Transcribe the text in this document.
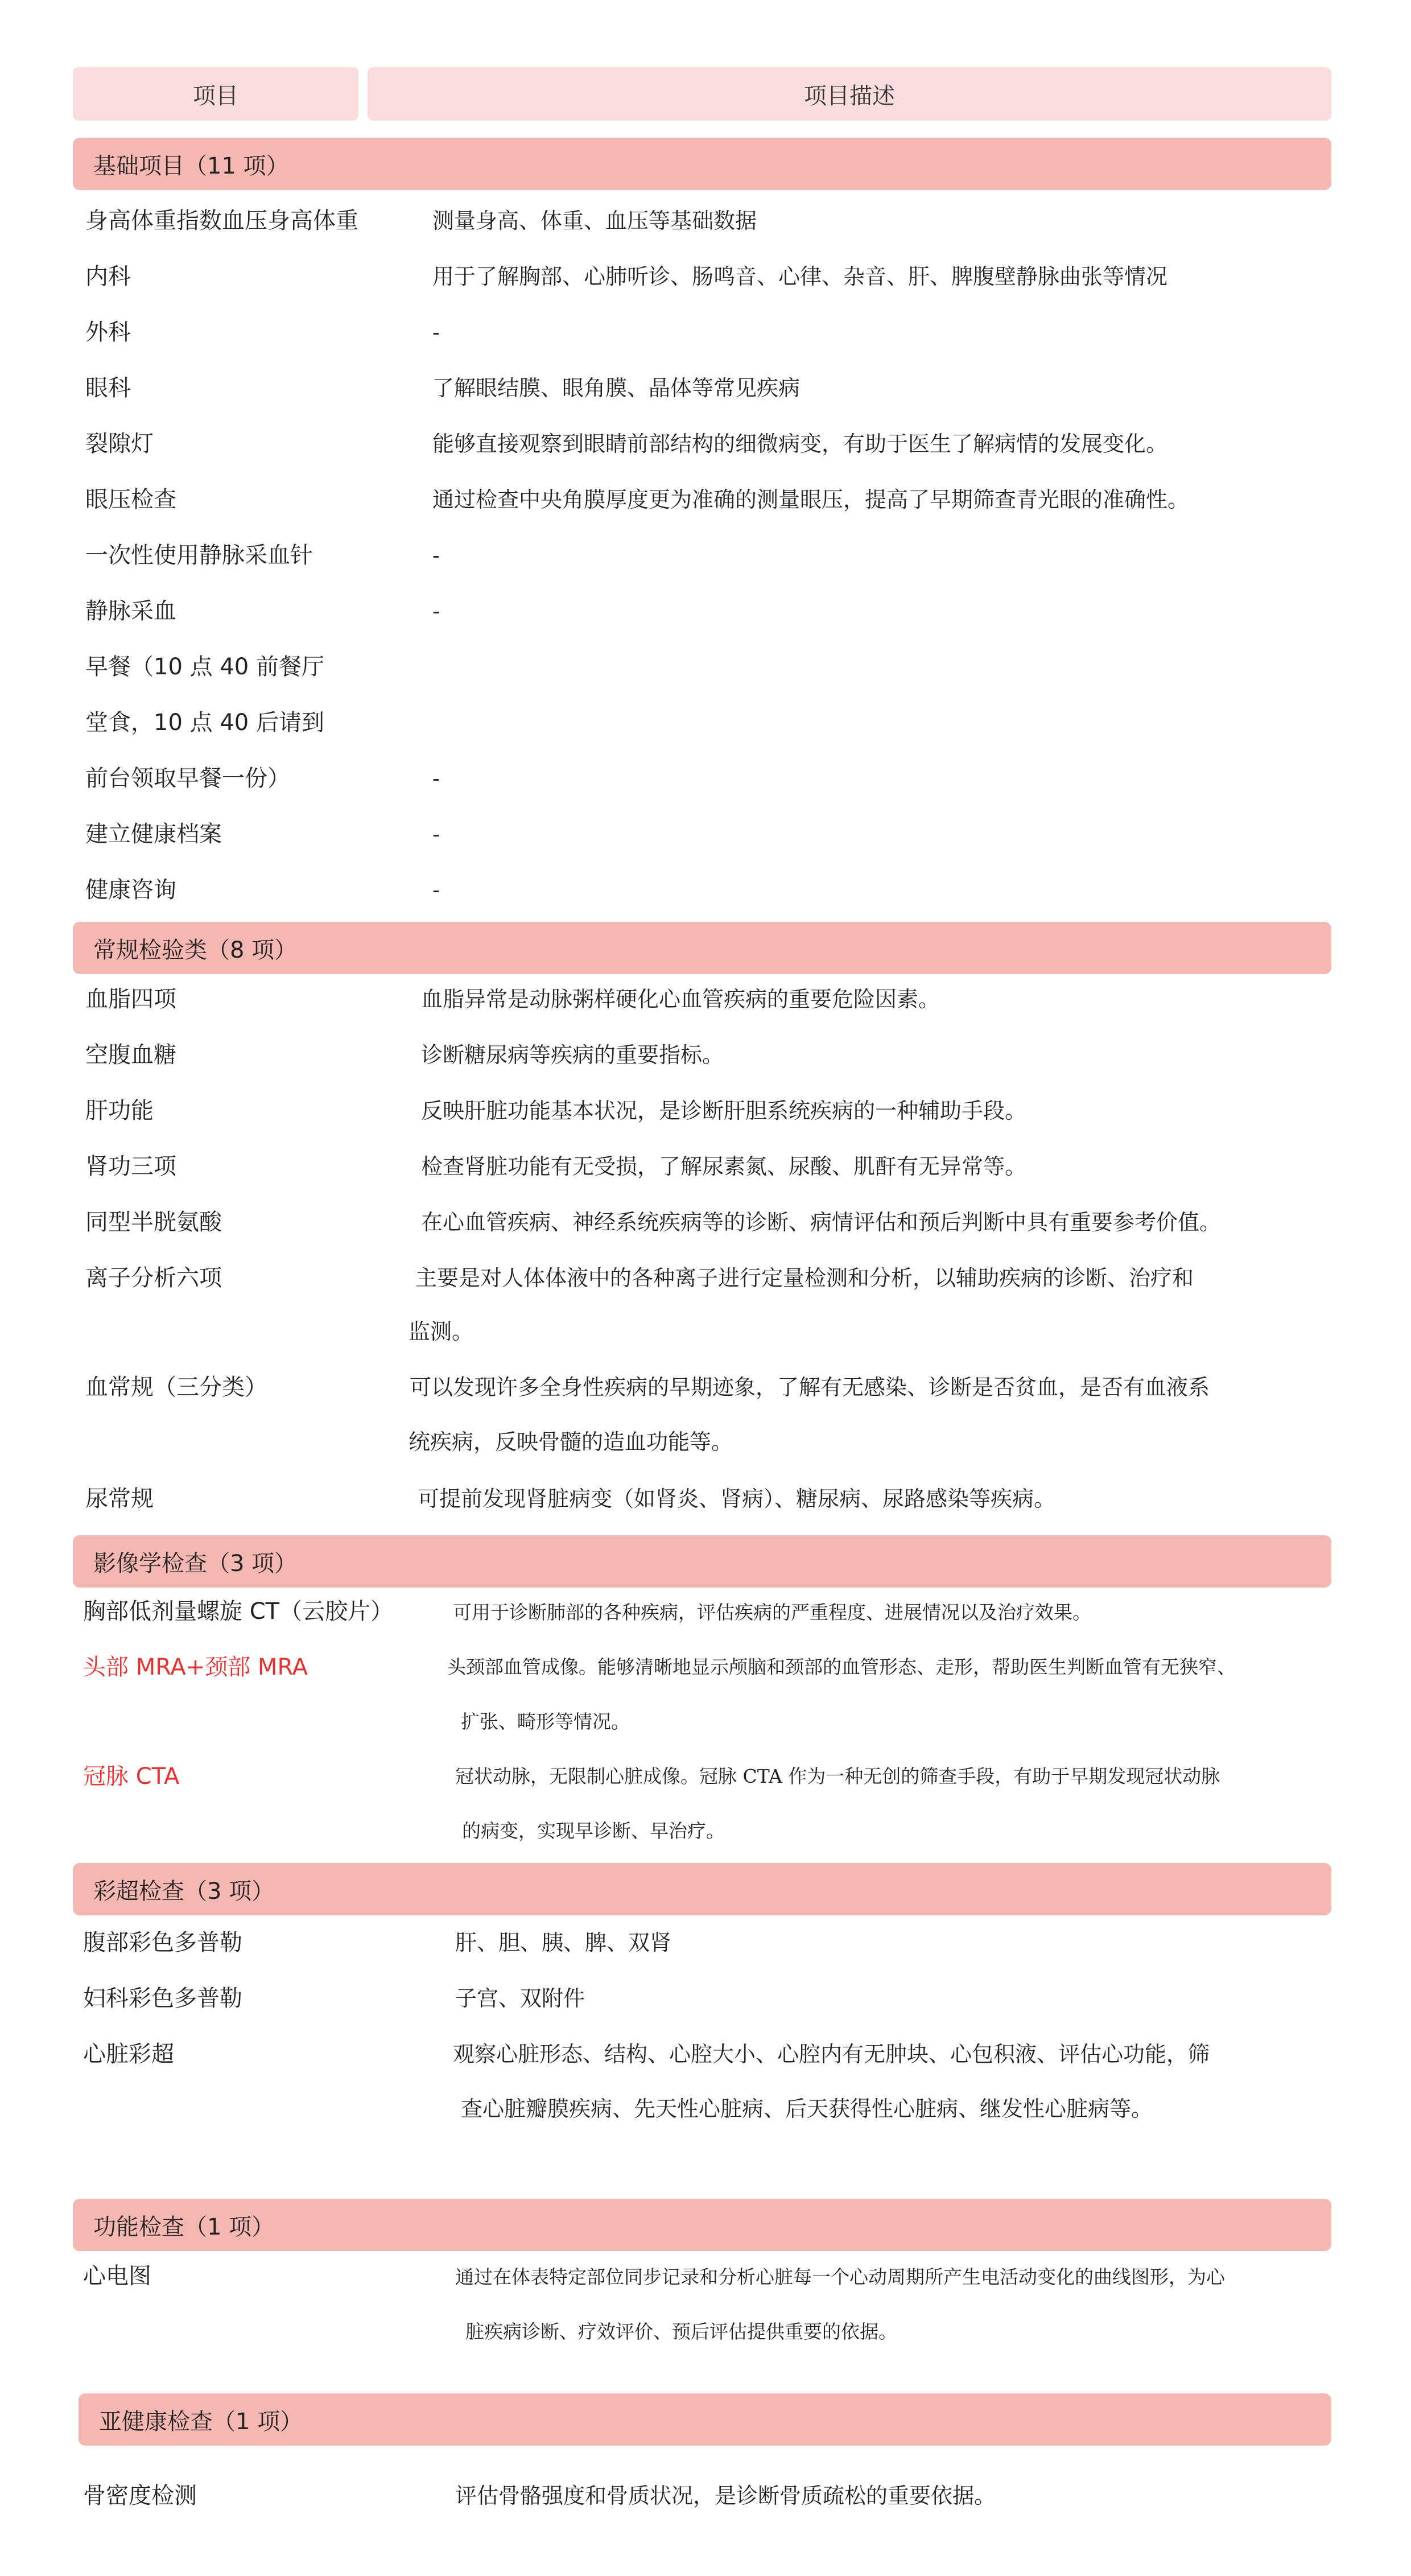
项目	项目描述
基础项目（11 项）
身高体重指数血压身高体重	测量身高、体重、血压等基础数据
内科	用于了解胸部、心肺听诊、肠鸣音、心律、杂音、肝、脾腹壁静脉曲张等情况
外科	-
眼科	了解眼结膜、眼角膜、晶体等常见疾病
裂隙灯	能够直接观察到眼睛前部结构的细微病变，有助于医生了解病情的发展变化。
眼压检查	通过检查中央角膜厚度更为准确的测量眼压，提高了早期筛查青光眼的准确性。
一次性使用静脉采血针	-
静脉采血	-
早餐（10 点 40 前餐厅
堂食，10 点 40 后请到
前台领取早餐一份）	-
建立健康档案	-
健康咨询	-
常规检验类（8 项）
血脂四项	血脂异常是动脉粥样硬化心血管疾病的重要危险因素。
空腹血糖	诊断糖尿病等疾病的重要指标。
肝功能	反映肝脏功能基本状况，是诊断肝胆系统疾病的一种辅助手段。
肾功三项	检查肾脏功能有无受损，了解尿素氮、尿酸、肌酐有无异常等。
同型半胱氨酸	在心血管疾病、神经系统疾病等的诊断、病情评估和预后判断中具有重要参考价值。
离子分析六项	主要是对人体体液中的各种离子进行定量检测和分析，以辅助疾病的诊断、治疗和
监测。
血常规（三分类）	可以发现许多全身性疾病的早期迹象，了解有无感染、诊断是否贫血，是否有血液系
统疾病，反映骨髓的造血功能等。
尿常规	可提前发现肾脏病变（如肾炎、肾病）、糖尿病、尿路感染等疾病。
影像学检查（3 项）
胸部低剂量螺旋 CT（云胶片）	可用于诊断肺部的各种疾病，评估疾病的严重程度、进展情况以及治疗效果。
头部 MRA+颈部 MRA	头颈部血管成像。能够清晰地显示颅脑和颈部的血管形态、走形，帮助医生判断血管有无狭窄、
扩张、畸形等情况。
冠脉 CTA	冠状动脉，无限制心脏成像。冠脉 CTA 作为一种无创的筛查手段，有助于早期发现冠状动脉
的病变，实现早诊断、早治疗。
彩超检查（3 项）
腹部彩色多普勒	肝、胆、胰、脾、双肾
妇科彩色多普勒	子宫、双附件
心脏彩超	观察心脏形态、结构、心腔大小、心腔内有无肿块、心包积液、评估心功能，筛
查心脏瓣膜疾病、先天性心脏病、后天获得性心脏病、继发性心脏病等。
功能检查（1 项）
心电图	通过在体表特定部位同步记录和分析心脏每一个心动周期所产生电活动变化的曲线图形，为心
脏疾病诊断、疗效评价、预后评估提供重要的依据。
亚健康检查（1 项）
骨密度检测	评估骨骼强度和骨质状况，是诊断骨质疏松的重要依据。
